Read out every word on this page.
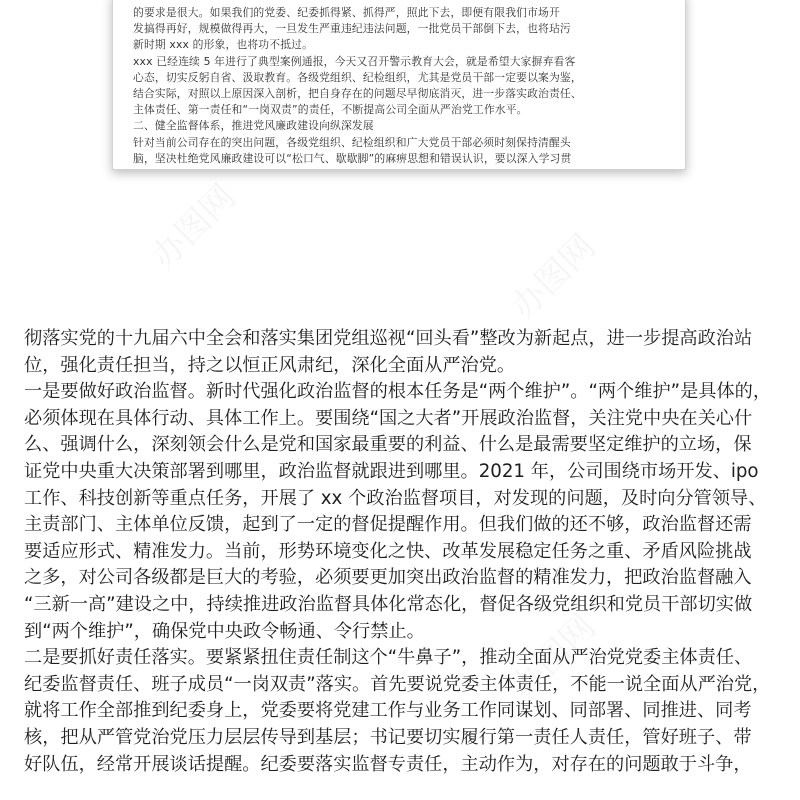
办图网	办图网
办图网
的要求是很大。如果我们的党委、纪委抓得紧、抓得严，照此下去，即便有限我们市场开
发搞得再好，规模做得再大，一旦发生严重违纪违法问题，一批党员干部倒下去，也将玷污
新时期 xxx 的形象，也将功不抵过。
xxx 已经连续 5 年进行了典型案例通报，今天又召开警示教育大会，就是希望大家摒弃看客
心态，切实反躬自省、汲取教育。各级党组织、纪检组织，尤其是党员干部一定要以案为鉴，
结合实际，对照以上原因深入剖析，把自身存在的问题尽早彻底消灭，进一步落实政治责任、
主体责任、第一责任和“一岗双责”的责任，不断提高公司全面从严治党工作水平。
二、健全监督体系，推进党风廉政建设向纵深发展
针对当前公司存在的突出问题，各级党组织、纪检组织和广大党员干部必须时刻保持清醒头
脑，坚决杜绝党风廉政建设可以“松口气、歇歇脚”的麻痹思想和错误认识，要以深入学习贯
彻落实党的十九届六中全会和落实集团党组巡视“回头看”整改为新起点，进一步提高政治站
位，强化责任担当，持之以恒正风肃纪，深化全面从严治党。
一是要做好政治监督。新时代强化政治监督的根本任务是“两个维护”。“两个维护”是具体的，
必须体现在具体行动、具体工作上。要围绕“国之大者”开展政治监督，关注党中央在关心什
么、强调什么，深刻领会什么是党和国家最重要的利益、什么是最需要坚定维护的立场，保
证党中央重大决策部署到哪里，政治监督就跟进到哪里。2021 年，公司围绕市场开发、ipo
工作、科技创新等重点任务，开展了 xx 个政治监督项目，对发现的问题，及时向分管领导、
主责部门、主体单位反馈，起到了一定的督促提醒作用。但我们做的还不够，政治监督还需
要适应形式、精准发力。当前，形势环境变化之快、改革发展稳定任务之重、矛盾风险挑战
之多，对公司各级都是巨大的考验，必须要更加突出政治监督的精准发力，把政治监督融入
“三新一高”建设之中，持续推进政治监督具体化常态化，督促各级党组织和党员干部切实做
到“两个维护”，确保党中央政令畅通、令行禁止。
二是要抓好责任落实。要紧紧扭住责任制这个“牛鼻子”，推动全面从严治党党委主体责任、
纪委监督责任、班子成员“一岗双责”落实。首先要说党委主体责任，不能一说全面从严治党，
就将工作全部推到纪委身上，党委要将党建工作与业务工作同谋划、同部署、同推进、同考
核，把从严管党治党压力层层传导到基层；书记要切实履行第一责任人责任，管好班子、带
好队伍，经常开展谈话提醒。纪委要落实监督专责任，主动作为，对存在的问题敢于斗争，
